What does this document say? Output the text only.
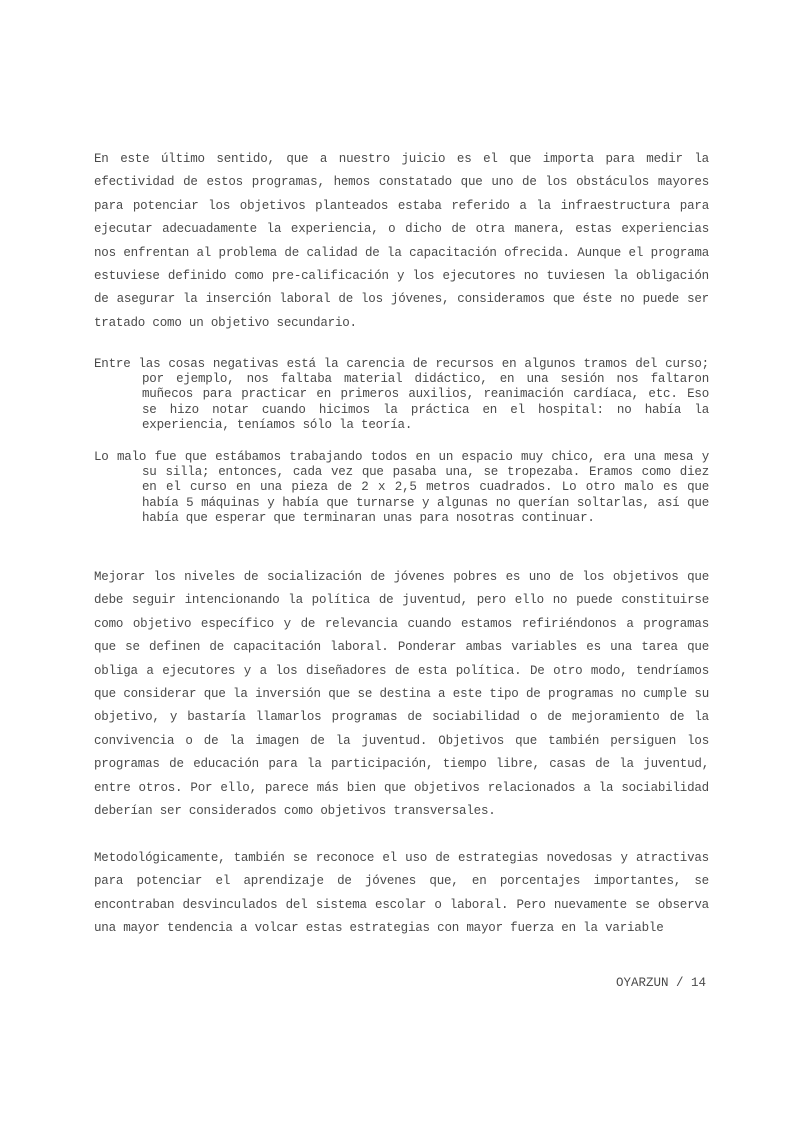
En este último sentido, que a nuestro juicio es el que importa para medir la efectividad de estos programas, hemos constatado que uno de los obstáculos mayores para potenciar los objetivos planteados estaba referido a la infraestructura para ejecutar adecuadamente la experiencia, o dicho de otra manera, estas experiencias nos enfrentan al problema de calidad de la capacitación ofrecida. Aunque el programa estuviese definido como pre-calificación y los ejecutores no tuviesen la obligación de asegurar la inserción laboral de los jóvenes, consideramos que éste no puede ser tratado como un objetivo secundario.

Entre las cosas negativas está la carencia de recursos en algunos tramos del curso; por ejemplo, nos faltaba material didáctico, en una sesión nos faltaron muñecos para practicar en primeros auxilios, reanimación cardíaca, etc. Eso se hizo notar cuando hicimos la práctica en el hospital: no había la experiencia, teníamos sólo la teoría.

Lo malo fue que estábamos trabajando todos en un espacio muy chico, era una mesa y su silla; entonces, cada vez que pasaba una, se tropezaba. Eramos como diez en el curso en una pieza de 2 x 2,5 metros cuadrados. Lo otro malo es que había 5 máquinas y había que turnarse y algunas no querían soltarlas, así que había que esperar que terminaran unas para nosotras continuar.

Mejorar los niveles de socialización de jóvenes pobres es uno de los objetivos que debe seguir intencionando la política de juventud, pero ello no puede constituirse como objetivo específico y de relevancia cuando estamos refiriéndonos a programas que se definen de capacitación laboral. Ponderar ambas variables es una tarea que obliga a ejecutores y a los diseñadores de esta política. De otro modo, tendríamos que considerar que la inversión que se destina a este tipo de programas no cumple su objetivo, y bastaría llamarlos programas de sociabilidad o de mejoramiento de la convivencia o de la imagen de la juventud. Objetivos que también persiguen los programas de educación para la participación, tiempo libre, casas de la juventud, entre otros. Por ello, parece más bien que objetivos relacionados a la sociabilidad deberían ser considerados como objetivos transversales.

Metodológicamente, también se reconoce el uso de estrategias novedosas y atractivas para potenciar el aprendizaje de jóvenes que, en porcentajes importantes, se encontraban desvinculados del sistema escolar o laboral. Pero nuevamente se observa una mayor tendencia a volcar estas estrategias con mayor fuerza en la variable

OYARZUN / 14
